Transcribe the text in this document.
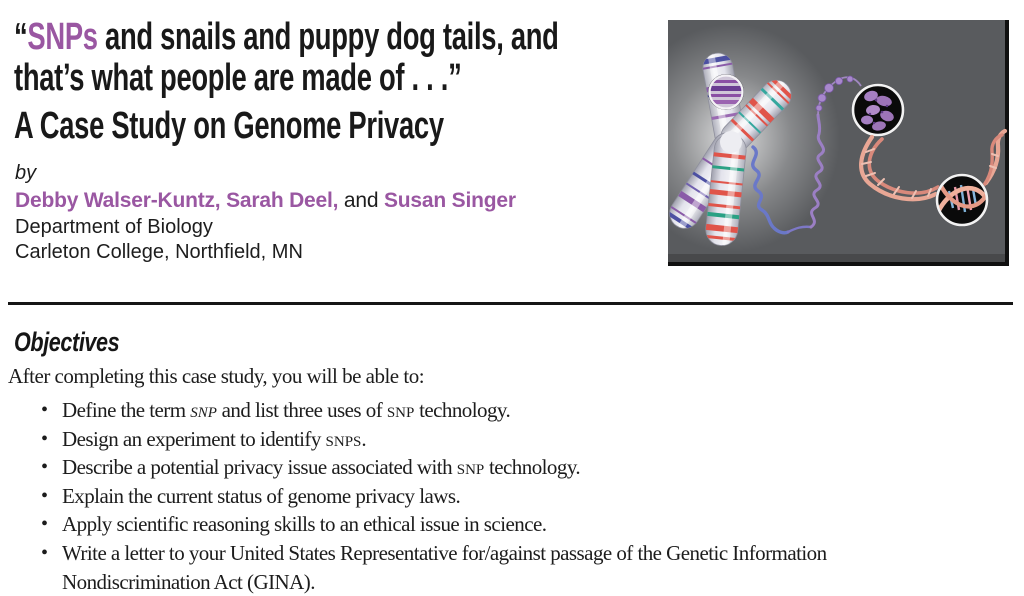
“SNPs and snails and puppy dog tails, and
that’s what people are made of . . .”
A Case Study on Genome Privacy
by
Debby Walser-Kuntz, Sarah Deel, and Susan Singer
Department of Biology
Carleton College, Northfield, MN
Objectives
After completing this case study, you will be able to:
• Define the term snp and list three uses of snp technology.
• Design an experiment to identify snps.
• Describe a potential privacy issue associated with snp technology.
• Explain the current status of genome privacy laws.
• Apply scientific reasoning skills to an ethical issue in science.
• Write a letter to your United States Representative for/against passage of the Genetic Information
Nondiscrimination Act (GINA).
